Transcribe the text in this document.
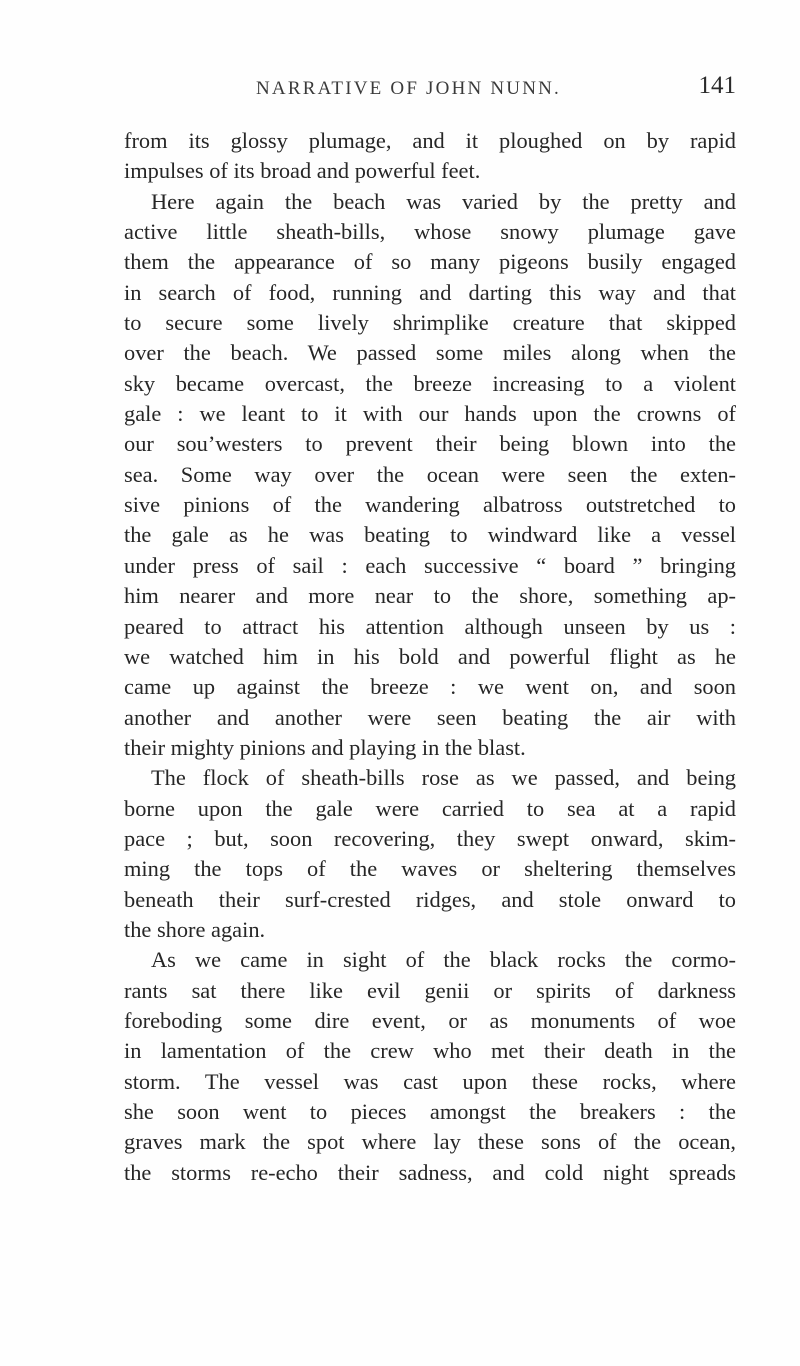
NARRATIVE OF JOHN NUNN.	141
from its glossy plumage, and it ploughed on by rapid
impulses of its broad and powerful feet.
Here again the beach was varied by the pretty and
active little sheath-bills, whose snowy plumage gave
them the appearance of so many pigeons busily engaged
in search of food, running and darting this way and that
to secure some lively shrimplike creature that skipped
over the beach. We passed some miles along when the
sky became overcast, the breeze increasing to a violent
gale : we leant to it with our hands upon the crowns of
our sou’westers to prevent their being blown into the
sea. Some way over the ocean were seen the exten-
sive pinions of the wandering albatross outstretched to
the gale as he was beating to windward like a vessel
under press of sail : each successive “ board ” bringing
him nearer and more near to the shore, something ap-
peared to attract his attention although unseen by us :
we watched him in his bold and powerful flight as he
came up against the breeze : we went on, and soon
another and another were seen beating the air with
their mighty pinions and playing in the blast.
The flock of sheath-bills rose as we passed, and being
borne upon the gale were carried to sea at a rapid
pace ; but, soon recovering, they swept onward, skim-
ming the tops of the waves or sheltering themselves
beneath their surf-crested ridges, and stole onward to
the shore again.
As we came in sight of the black rocks the cormo-
rants sat there like evil genii or spirits of darkness
foreboding some dire event, or as monuments of woe
in lamentation of the crew who met their death in the
storm. The vessel was cast upon these rocks, where
she soon went to pieces amongst the breakers : the
graves mark the spot where lay these sons of the ocean,
the storms re-echo their sadness, and cold night spreads
